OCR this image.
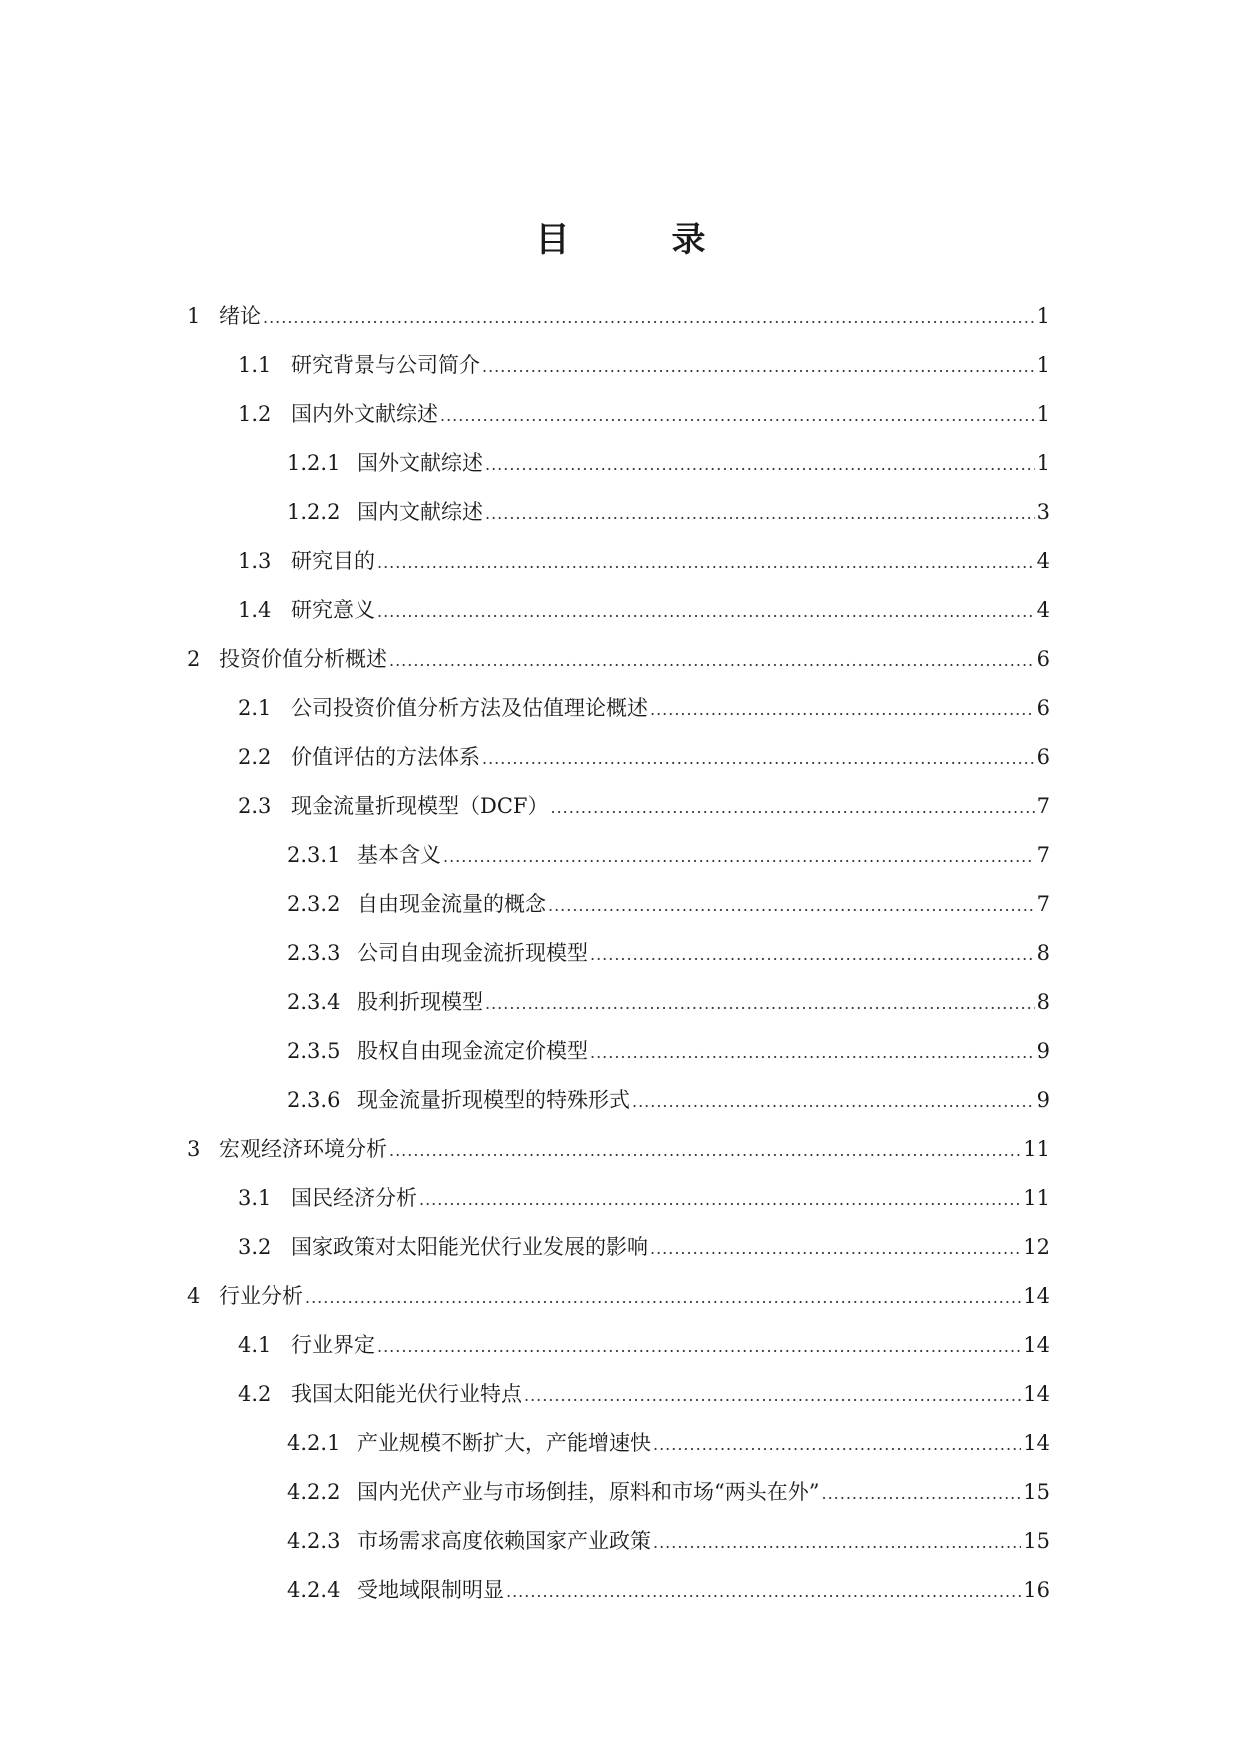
目　录
1 绪论 .....	1
1.1 研究背景与公司简介 .....	1
1.2 国内外文献综述 .....	1
1.2.1 国外文献综述 .....	1
1.2.2 国内文献综述 .....	3
1.3 研究目的 .....	4
1.4 研究意义 .....	4
2 投资价值分析概述 .....	6
2.1 公司投资价值分析方法及估值理论概述 .....	6
2.2 价值评估的方法体系 .....	6
2.3 现金流量折现模型（DCF） .....	7
2.3.1 基本含义 .....	7
2.3.2 自由现金流量的概念 .....	7
2.3.3 公司自由现金流折现模型 .....	8
2.3.4 股利折现模型 .....	8
2.3.5 股权自由现金流定价模型 .....	9
2.3.6 现金流量折现模型的特殊形式 .....	9
3 宏观经济环境分析 .....	11
3.1 国民经济分析 .....	11
3.2 国家政策对太阳能光伏行业发展的影响 .....	12
4 行业分析 .....	14
4.1 行业界定 .....	14
4.2 我国太阳能光伏行业特点 .....	14
4.2.1 产业规模不断扩大，产能增速快 .....	14
4.2.2 国内光伏产业与市场倒挂，原料和市场“两头在外” .....	15
4.2.3 市场需求高度依赖国家产业政策 .....	15
4.2.4 受地域限制明显 .....	16
